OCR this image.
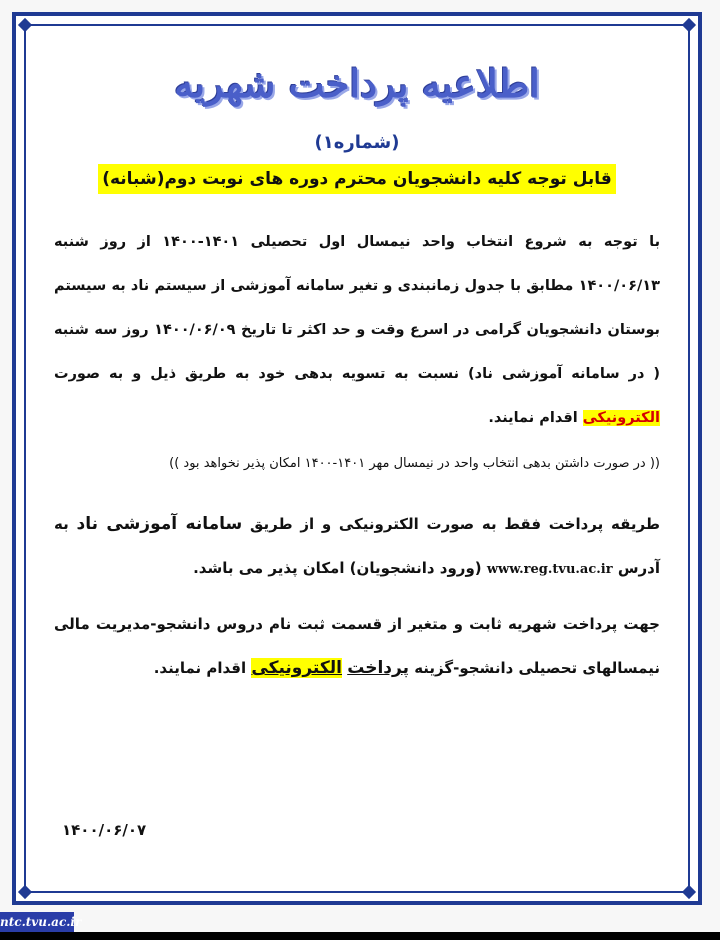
اطلاعیه پرداخت شهریه
(شماره۱)
قابل توجه کلیه دانشجویان محترم دوره های نوبت دوم(شبانه)

با توجه به شروع انتخاب واحد نیمسال اول تحصیلی ۱۴۰۱-۱۴۰۰ از روز شنبه ۱۴۰۰/۰۶/۱۳ مطابق با جدول زمانبندی و تغیر سامانه آموزشی از سیستم ناد به سیستم بوستان دانشجویان گرامی در اسرع وقت و حد اکثر تا تاریخ ۱۴۰۰/۰۶/۰۹ روز سه شنبه ( در سامانه آموزشی ناد) نسبت به تسویه بدهی خود به طریق ذیل و به صورت الکترونیکی اقدام نمایند.

(( در صورت داشتن بدهی انتخاب واحد در نیمسال مهر ۱۴۰۱-۱۴۰۰ امکان پذیر نخواهد بود ))

طریقه پرداخت فقط به صورت الکترونیکی و از طریق سامانه آموزشی ناد به آدرس www.reg.tvu.ac.ir (ورود دانشجویان) امکان پذیر می باشد.

جهت پرداخت شهریه ثابت و متغیر از قسمت ثبت نام دروس دانشجو-مدیریت مالی نیمسالهای تحصیلی دانشجو-گزینه پرداخت الکترونیکی اقدام نمایند.

۱۴۰۰/۰۶/۰۷
ntc.tvu.ac.ir
